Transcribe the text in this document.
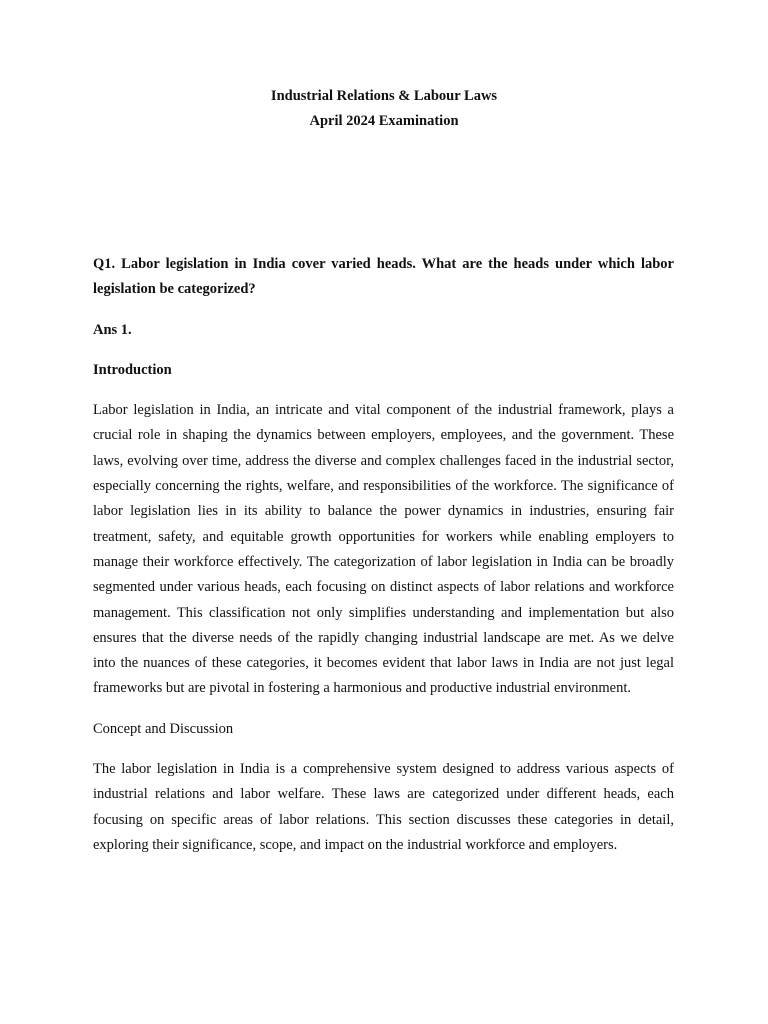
Industrial Relations & Labour Laws
April 2024 Examination

Q1. Labor legislation in India cover varied heads. What are the heads under which labor legislation be categorized?

Ans 1.

Introduction

Labor legislation in India, an intricate and vital component of the industrial framework, plays a crucial role in shaping the dynamics between employers, employees, and the government. These laws, evolving over time, address the diverse and complex challenges faced in the industrial sector, especially concerning the rights, welfare, and responsibilities of the workforce. The significance of labor legislation lies in its ability to balance the power dynamics in industries, ensuring fair treatment, safety, and equitable growth opportunities for workers while enabling employers to manage their workforce effectively. The categorization of labor legislation in India can be broadly segmented under various heads, each focusing on distinct aspects of labor relations and workforce management. This classification not only simplifies understanding and implementation but also ensures that the diverse needs of the rapidly changing industrial landscape are met. As we delve into the nuances of these categories, it becomes evident that labor laws in India are not just legal frameworks but are pivotal in fostering a harmonious and productive industrial environment.

Concept and Discussion

The labor legislation in India is a comprehensive system designed to address various aspects of industrial relations and labor welfare. These laws are categorized under different heads, each focusing on specific areas of labor relations. This section discusses these categories in detail, exploring their significance, scope, and impact on the industrial workforce and employers.
